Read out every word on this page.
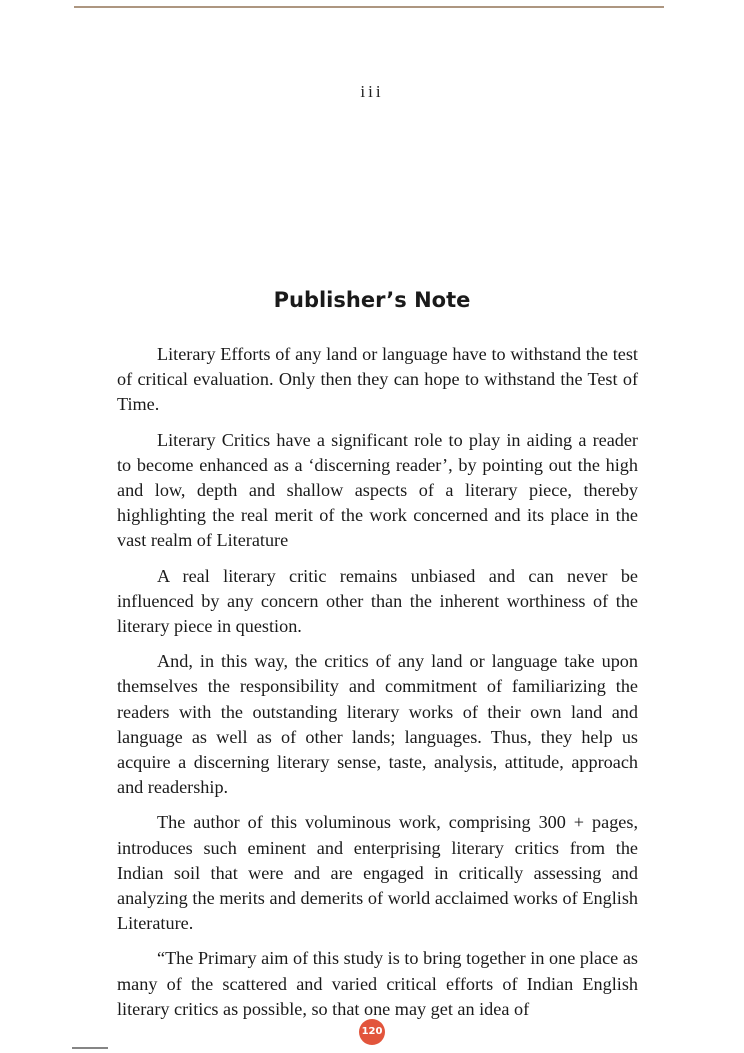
iii
Publisher’s Note

Literary Efforts of any land or language have to withstand the test of critical evaluation. Only then they can hope to withstand the Test of Time.

Literary Critics have a significant role to play in aiding a reader to become enhanced as a ‘discerning reader’, by pointing out the high and low, depth and shallow aspects of a literary piece, thereby highlighting the real merit of the work concerned and its place in the vast realm of Literature

A real literary critic remains unbiased and can never be influenced by any concern other than the inherent worthiness of the literary piece in question.

And, in this way, the critics of any land or language take upon themselves the responsibility and commitment of familiarizing the readers with the outstanding literary works of their own land and language as well as of other lands; languages. Thus, they help us acquire a discerning literary sense, taste, analysis, attitude, approach and readership.

The author of this voluminous work, comprising 300 + pages, introduces such eminent and enterprising literary critics from the Indian soil that were and are engaged in critically assessing and analyzing the merits and demerits of world acclaimed works of English Literature.

“The Primary aim of this study is to bring together in one place as many of the scattered and varied critical efforts of Indian English literary critics as possible, so that one may get an idea of

120
